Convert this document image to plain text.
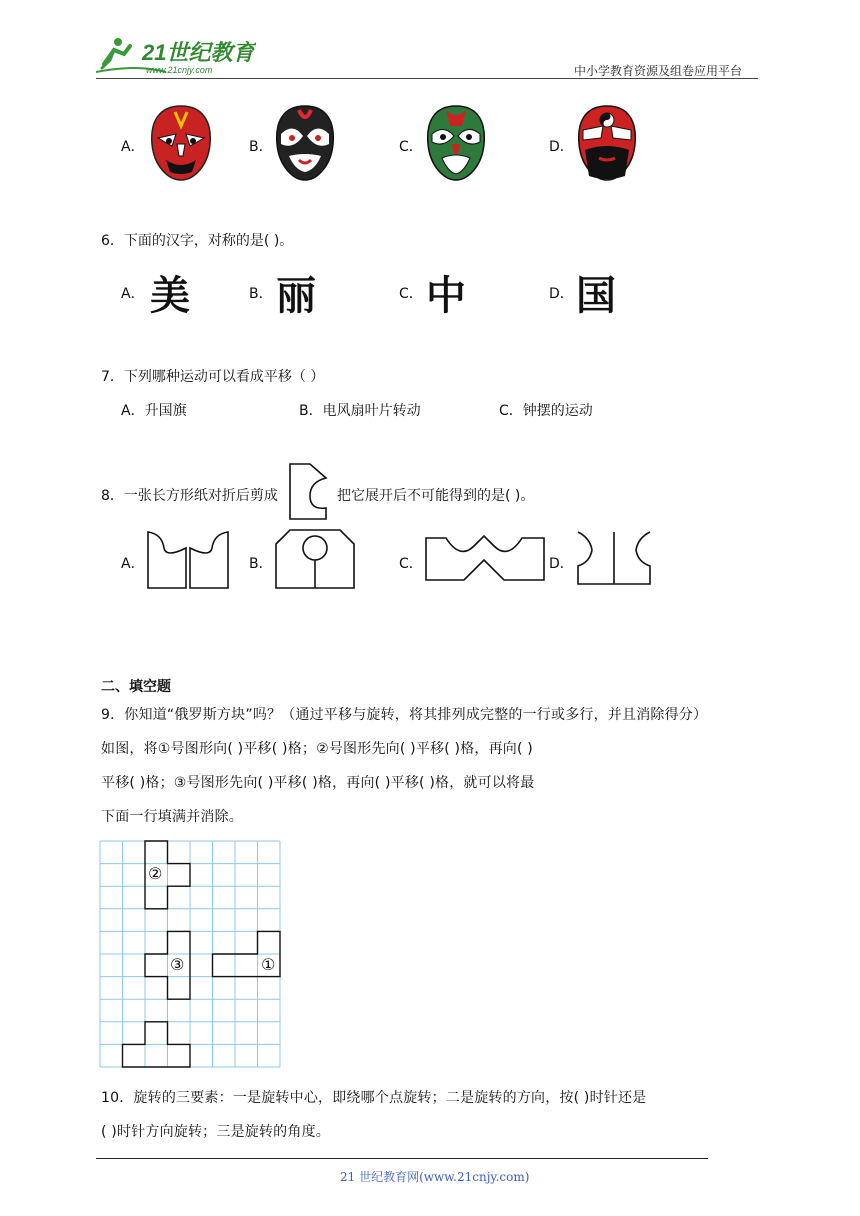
21世纪教育
www.21cnjy.com	中小学教育资源及组卷应用平台
A．	B．	C．	D．
6．下面的汉字，对称的是( )。
A． 美	B． 丽	C． 中	D． 国
7．下列哪种运动可以看成平移（ ）
A．升国旗	B．电风扇叶片转动	C．钟摆的运动
8．一张长方形纸对折后剪成	把它展开后不可能得到的是( )。
A．	B．	C．	D．
二、填空题
9．你知道“俄罗斯方块”吗？（通过平移与旋转，将其排列成完整的一行或多行，并且消除得分）
如图，将①号图形向( )平移( )格；②号图形先向( )平移( )格，再向( )
平移( )格；③号图形先向( )平移( )格，再向( )平移( )格，就可以将最
下面一行填满并消除。
②
③	①
10．旋转的三要素：一是旋转中心，即绕哪个点旋转；二是旋转的方向，按( )时针还是
( )时针方向旋转；三是旋转的角度。
21 世纪教育网(www.21cnjy.com)
